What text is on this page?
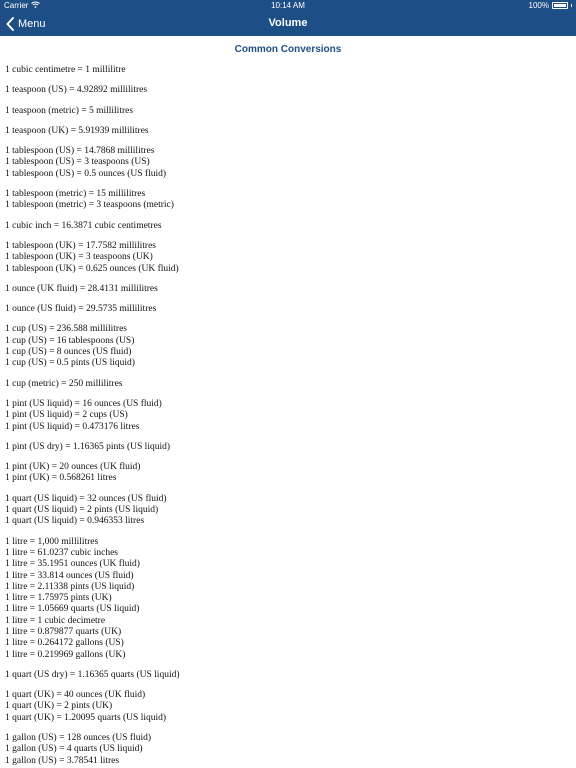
Carrier	10:14 AM	100%
Menu	Volume
Common Conversions
1 cubic centimetre = 1 millilitre
1 teaspoon (US) = 4.92892 millilitres
1 teaspoon (metric) = 5 millilitres
1 teaspoon (UK) = 5.91939 millilitres
1 tablespoon (US) = 14.7868 millilitres
1 tablespoon (US) = 3 teaspoons (US)
1 tablespoon (US) = 0.5 ounces (US fluid)
1 tablespoon (metric) = 15 millilitres
1 tablespoon (metric) = 3 teaspoons (metric)
1 cubic inch = 16.3871 cubic centimetres
1 tablespoon (UK) = 17.7582 millilitres
1 tablespoon (UK) = 3 teaspoons (UK)
1 tablespoon (UK) = 0.625 ounces (UK fluid)
1 ounce (UK fluid) = 28.4131 millilitres
1 ounce (US fluid) = 29.5735 millilitres
1 cup (US) = 236.588 millilitres
1 cup (US) = 16 tablespoons (US)
1 cup (US) = 8 ounces (US fluid)
1 cup (US) = 0.5 pints (US liquid)
1 cup (metric) = 250 millilitres
1 pint (US liquid) = 16 ounces (US fluid)
1 pint (US liquid) = 2 cups (US)
1 pint (US liquid) = 0.473176 litres
1 pint (US dry) = 1.16365 pints (US liquid)
1 pint (UK) = 20 ounces (UK fluid)
1 pint (UK) = 0.568261 litres
1 quart (US liquid) = 32 ounces (US fluid)
1 quart (US liquid) = 2 pints (US liquid)
1 quart (US liquid) = 0.946353 litres
1 litre = 1,000 millilitres
1 litre = 61.0237 cubic inches
1 litre = 35.1951 ounces (UK fluid)
1 litre = 33.814 ounces (US fluid)
1 litre = 2.11338 pints (US liquid)
1 litre = 1.75975 pints (UK)
1 litre = 1.05669 quarts (US liquid)
1 litre = 1 cubic decimetre
1 litre = 0.879877 quarts (UK)
1 litre = 0.264172 gallons (US)
1 litre = 0.219969 gallons (UK)
1 quart (US dry) = 1.16365 quarts (US liquid)
1 quart (UK) = 40 ounces (UK fluid)
1 quart (UK) = 2 pints (UK)
1 quart (UK) = 1.20095 quarts (US liquid)
1 gallon (US) = 128 ounces (US fluid)
1 gallon (US) = 4 quarts (US liquid)
1 gallon (US) = 3.78541 litres
